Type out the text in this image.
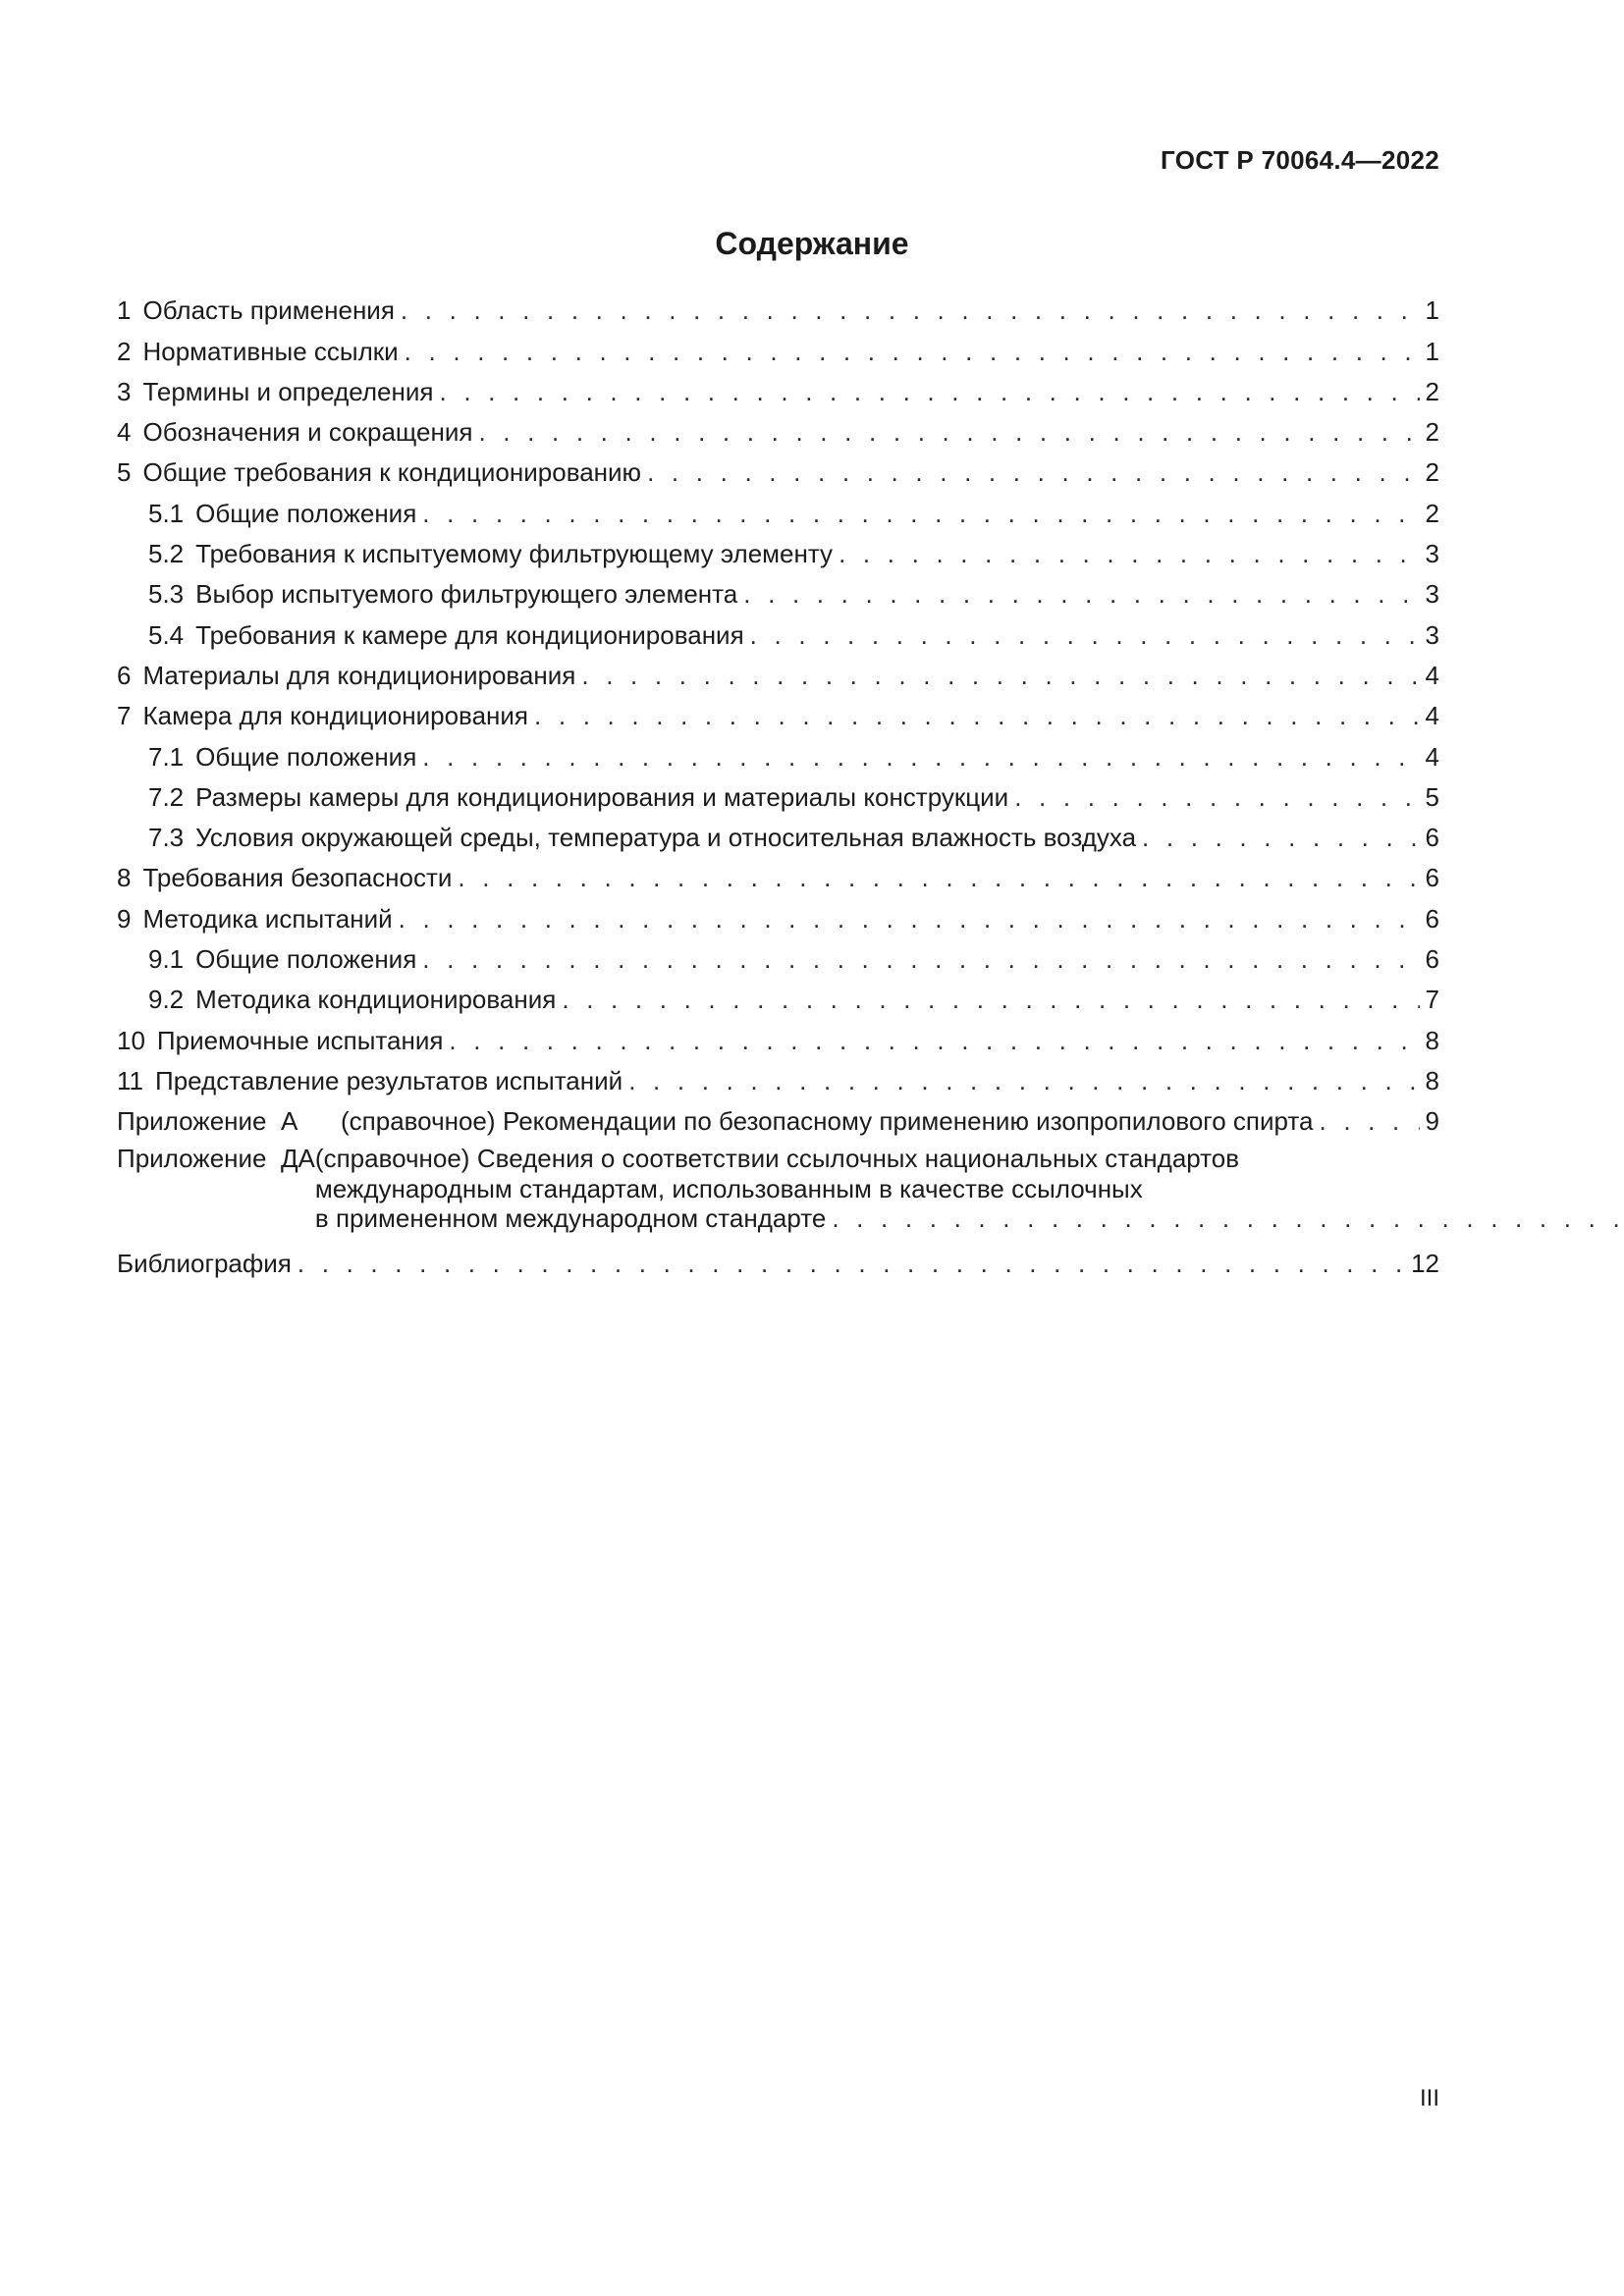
ГОСТ Р 70064.4—2022
Содержание
1 Область применения . . .	1
2 Нормативные ссылки . . .	1
3 Термины и определения . . .	2
4 Обозначения и сокращения . . .	2
5 Общие требования к кондиционированию . . .	2
5.1 Общие положения . . .	2
5.2 Требования к испытуемому фильтрующему элементу . . .	3
5.3 Выбор испытуемого фильтрующего элемента . . .	3
5.4 Требования к камере для кондиционирования . . .	3
6 Материалы для кондиционирования . . .	4
7 Камера для кондиционирования . . .	4
7.1 Общие положения . . .	4
7.2 Размеры камеры для кондиционирования и материалы конструкции . . .	5
7.3 Условия окружающей среды, температура и относительная влажность воздуха . . .	6
8 Требования безопасности . . .	6
9 Методика испытаний . . .	6
9.1 Общие положения . . .	6
9.2 Методика кондиционирования . . .	7
10 Приемочные испытания . . .	8
11 Представление результатов испытаний . . .	8
Приложение  А	(справочное) Рекомендации по безопасному применению изопропилового спирта . . .	9
Приложение  ДА (справочное) Сведения о соответствии ссылочных национальных стандартов
международным стандартам, использованным в качестве ссылочных
в примененном международном стандарте
. . .
Библиография . . .	12
III
